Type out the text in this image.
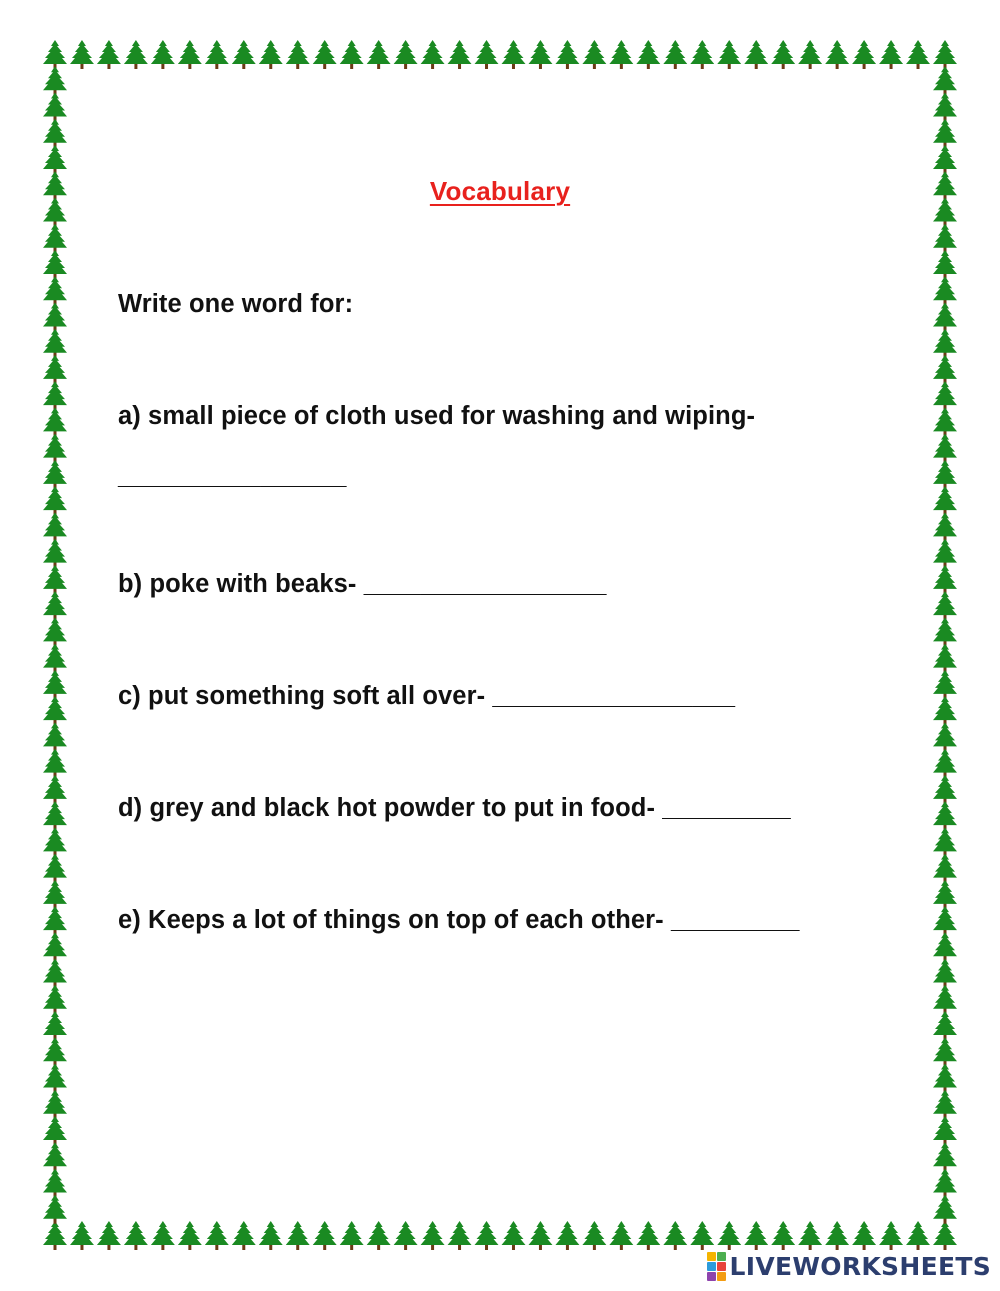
Vocabulary
Write one word for:
a) small piece of cloth used for washing and wiping-
________________
b) poke with beaks- _________________
c) put something soft all over- _________________
d) grey and black hot powder to put in food- _________
e) Keeps a lot of things on top of each other- _________
LIVEWORKSHEETS
